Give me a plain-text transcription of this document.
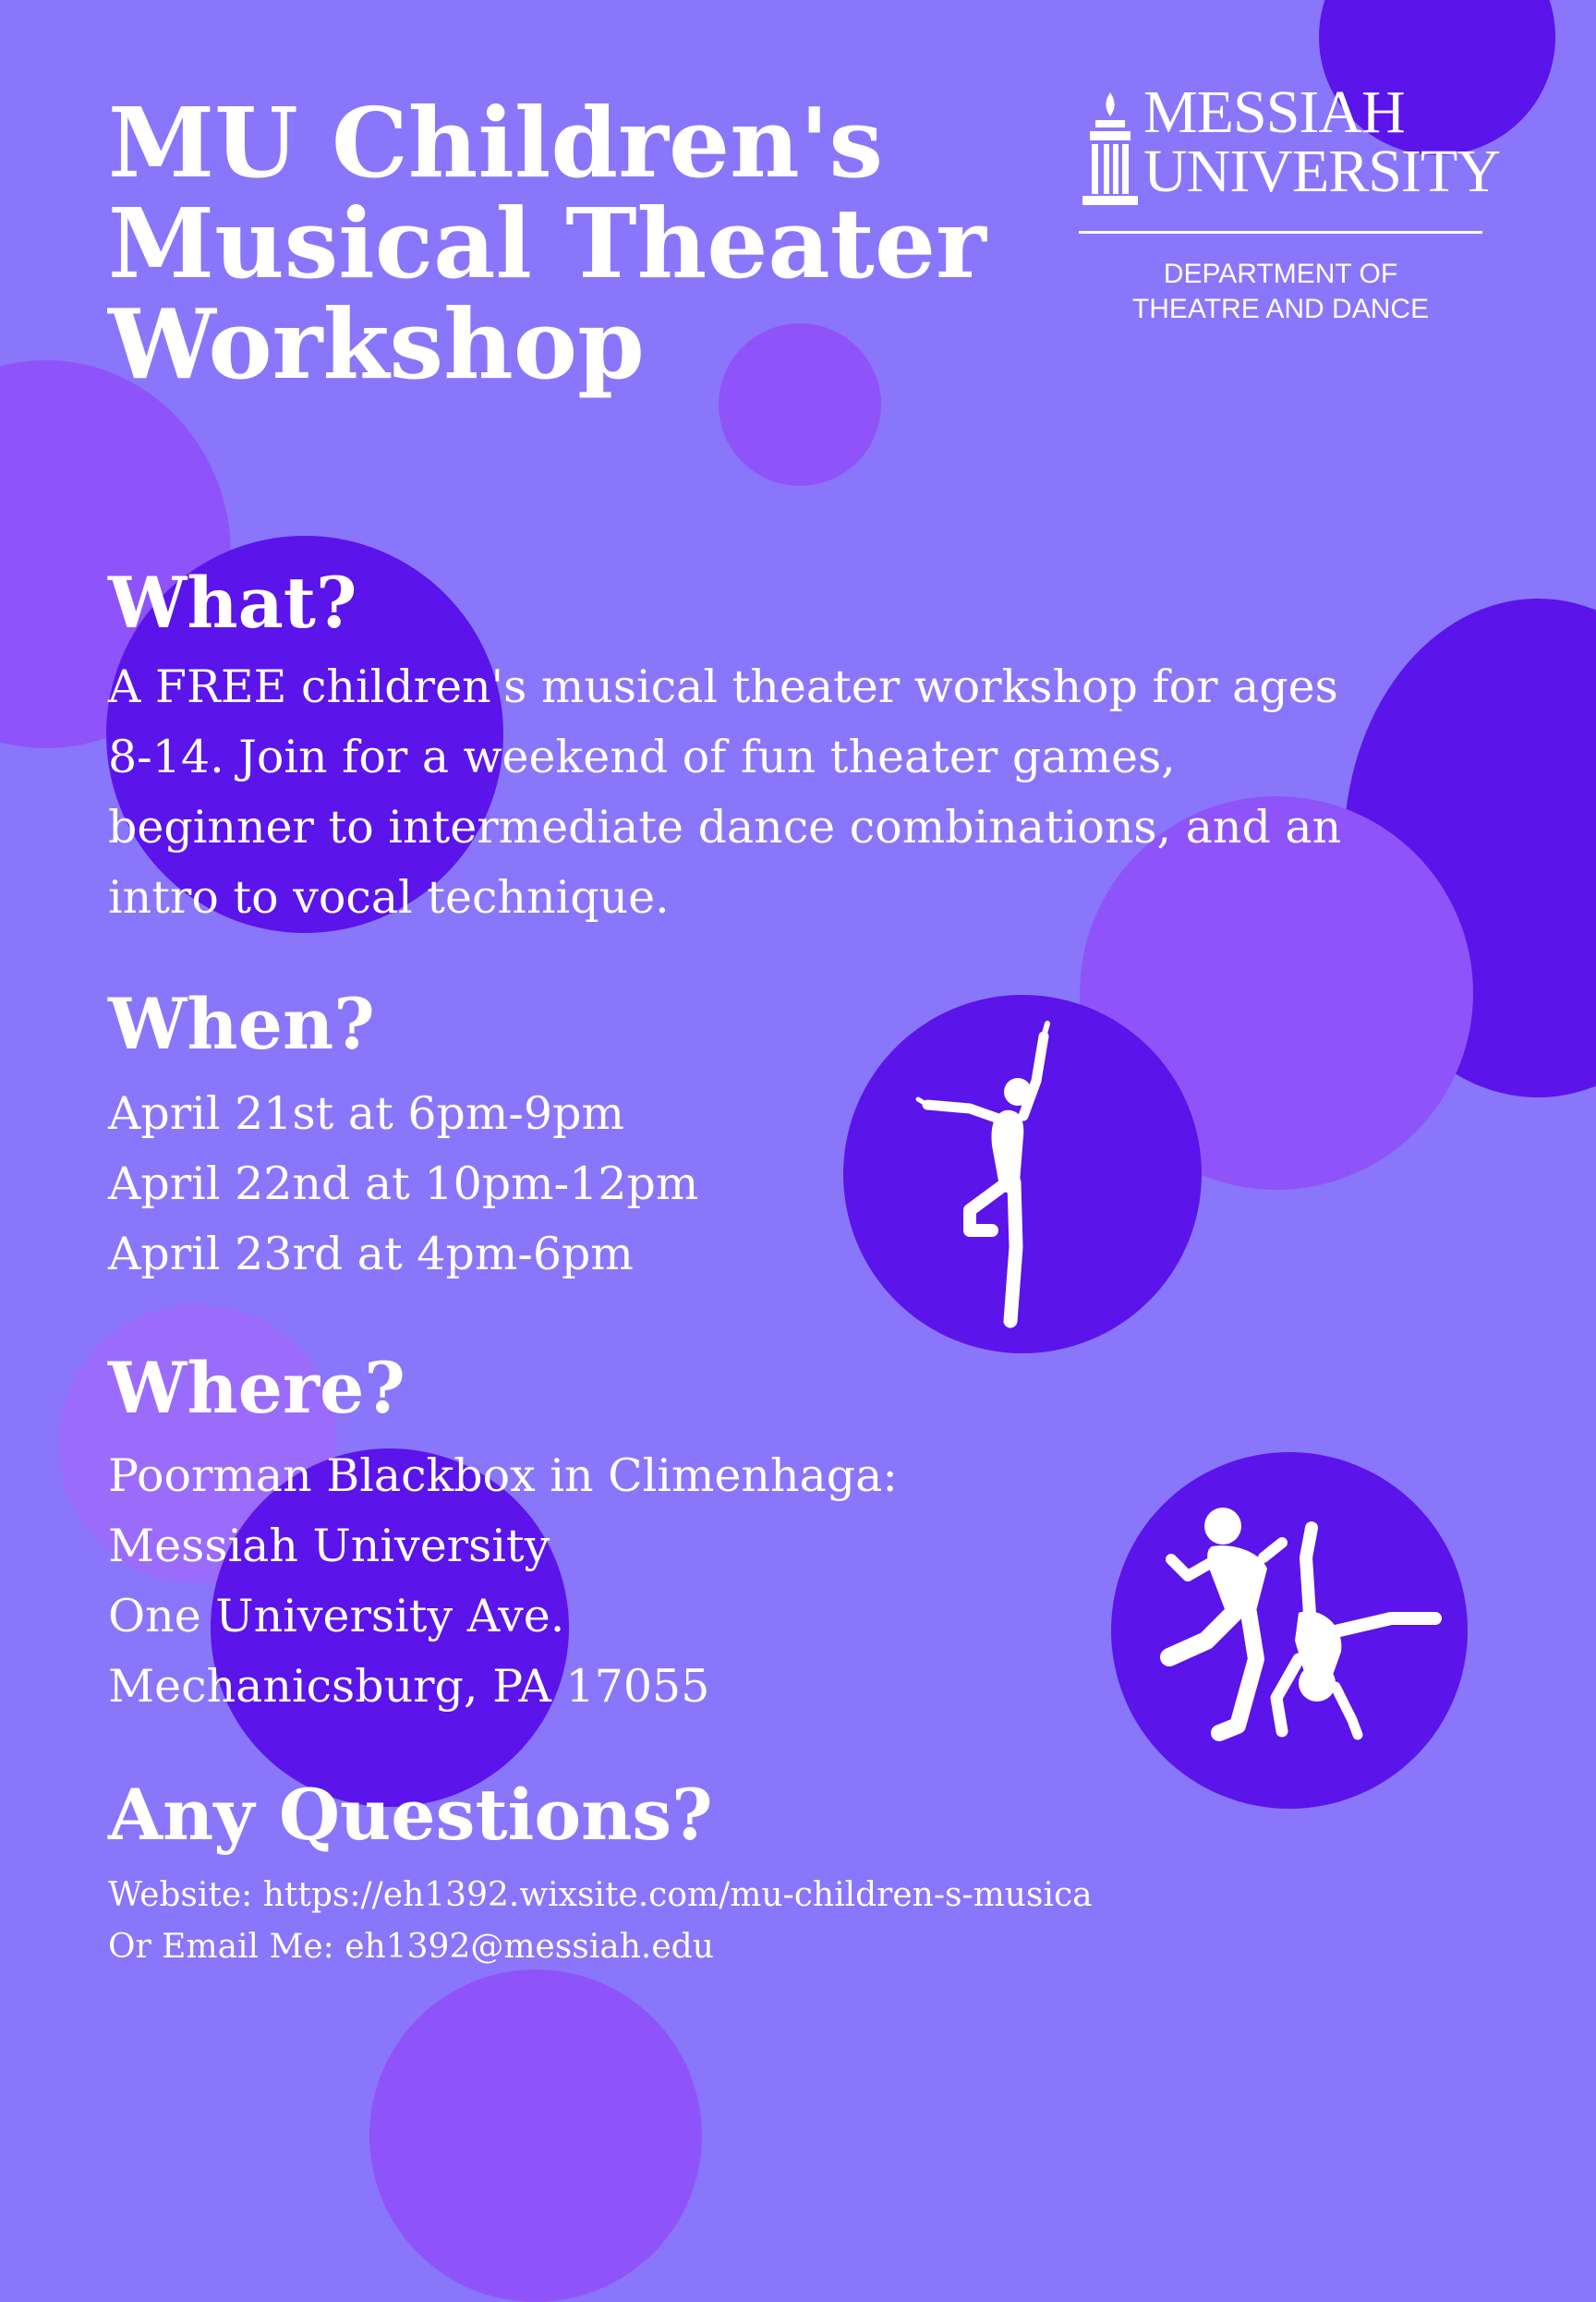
MU Children's
Musical Theater
Workshop
MESSIAH
UNIVERSITY
DEPARTMENT OF
THEATRE AND DANCE
What?
A FREE children's musical theater workshop for ages
8-14. Join for a weekend of fun theater games,
beginner to intermediate dance combinations, and an
intro to vocal technique.
When?
April 21st at 6pm-9pm
April 22nd at 10pm-12pm
April 23rd at 4pm-6pm
Where?
Poorman Blackbox in Climenhaga:
Messiah University
One University Ave.
Mechanicsburg, PA 17055
Any Questions?
Website: https://eh1392.wixsite.com/mu-children-s-musica
Or Email Me: eh1392@messiah.edu
